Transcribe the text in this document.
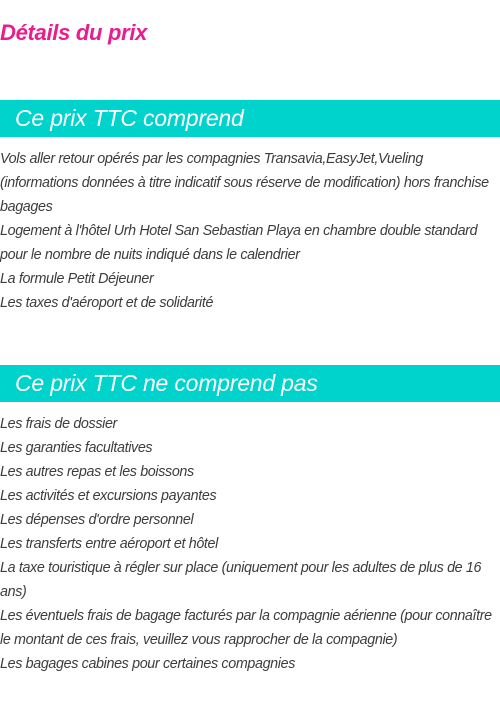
Détails du prix
Ce prix TTC comprend
Vols aller retour opérés par les compagnies Transavia,EasyJet,Vueling (informations données à titre indicatif sous réserve de modification) hors franchise bagages
Logement à l'hôtel Urh Hotel San Sebastian Playa en chambre double standard pour le nombre de nuits indiqué dans le calendrier
La formule Petit Déjeuner
Les taxes d'aéroport et de solidarité
Ce prix TTC ne comprend pas
Les frais de dossier
Les garanties facultatives
Les autres repas et les boissons
Les activités et excursions payantes
Les dépenses d'ordre personnel
Les transferts entre aéroport et hôtel
La taxe touristique à régler sur place (uniquement pour les adultes de plus de 16 ans)
Les éventuels frais de bagage facturés par la compagnie aérienne (pour connaître le montant de ces frais, veuillez vous rapprocher de la compagnie)
Les bagages cabines pour certaines compagnies
